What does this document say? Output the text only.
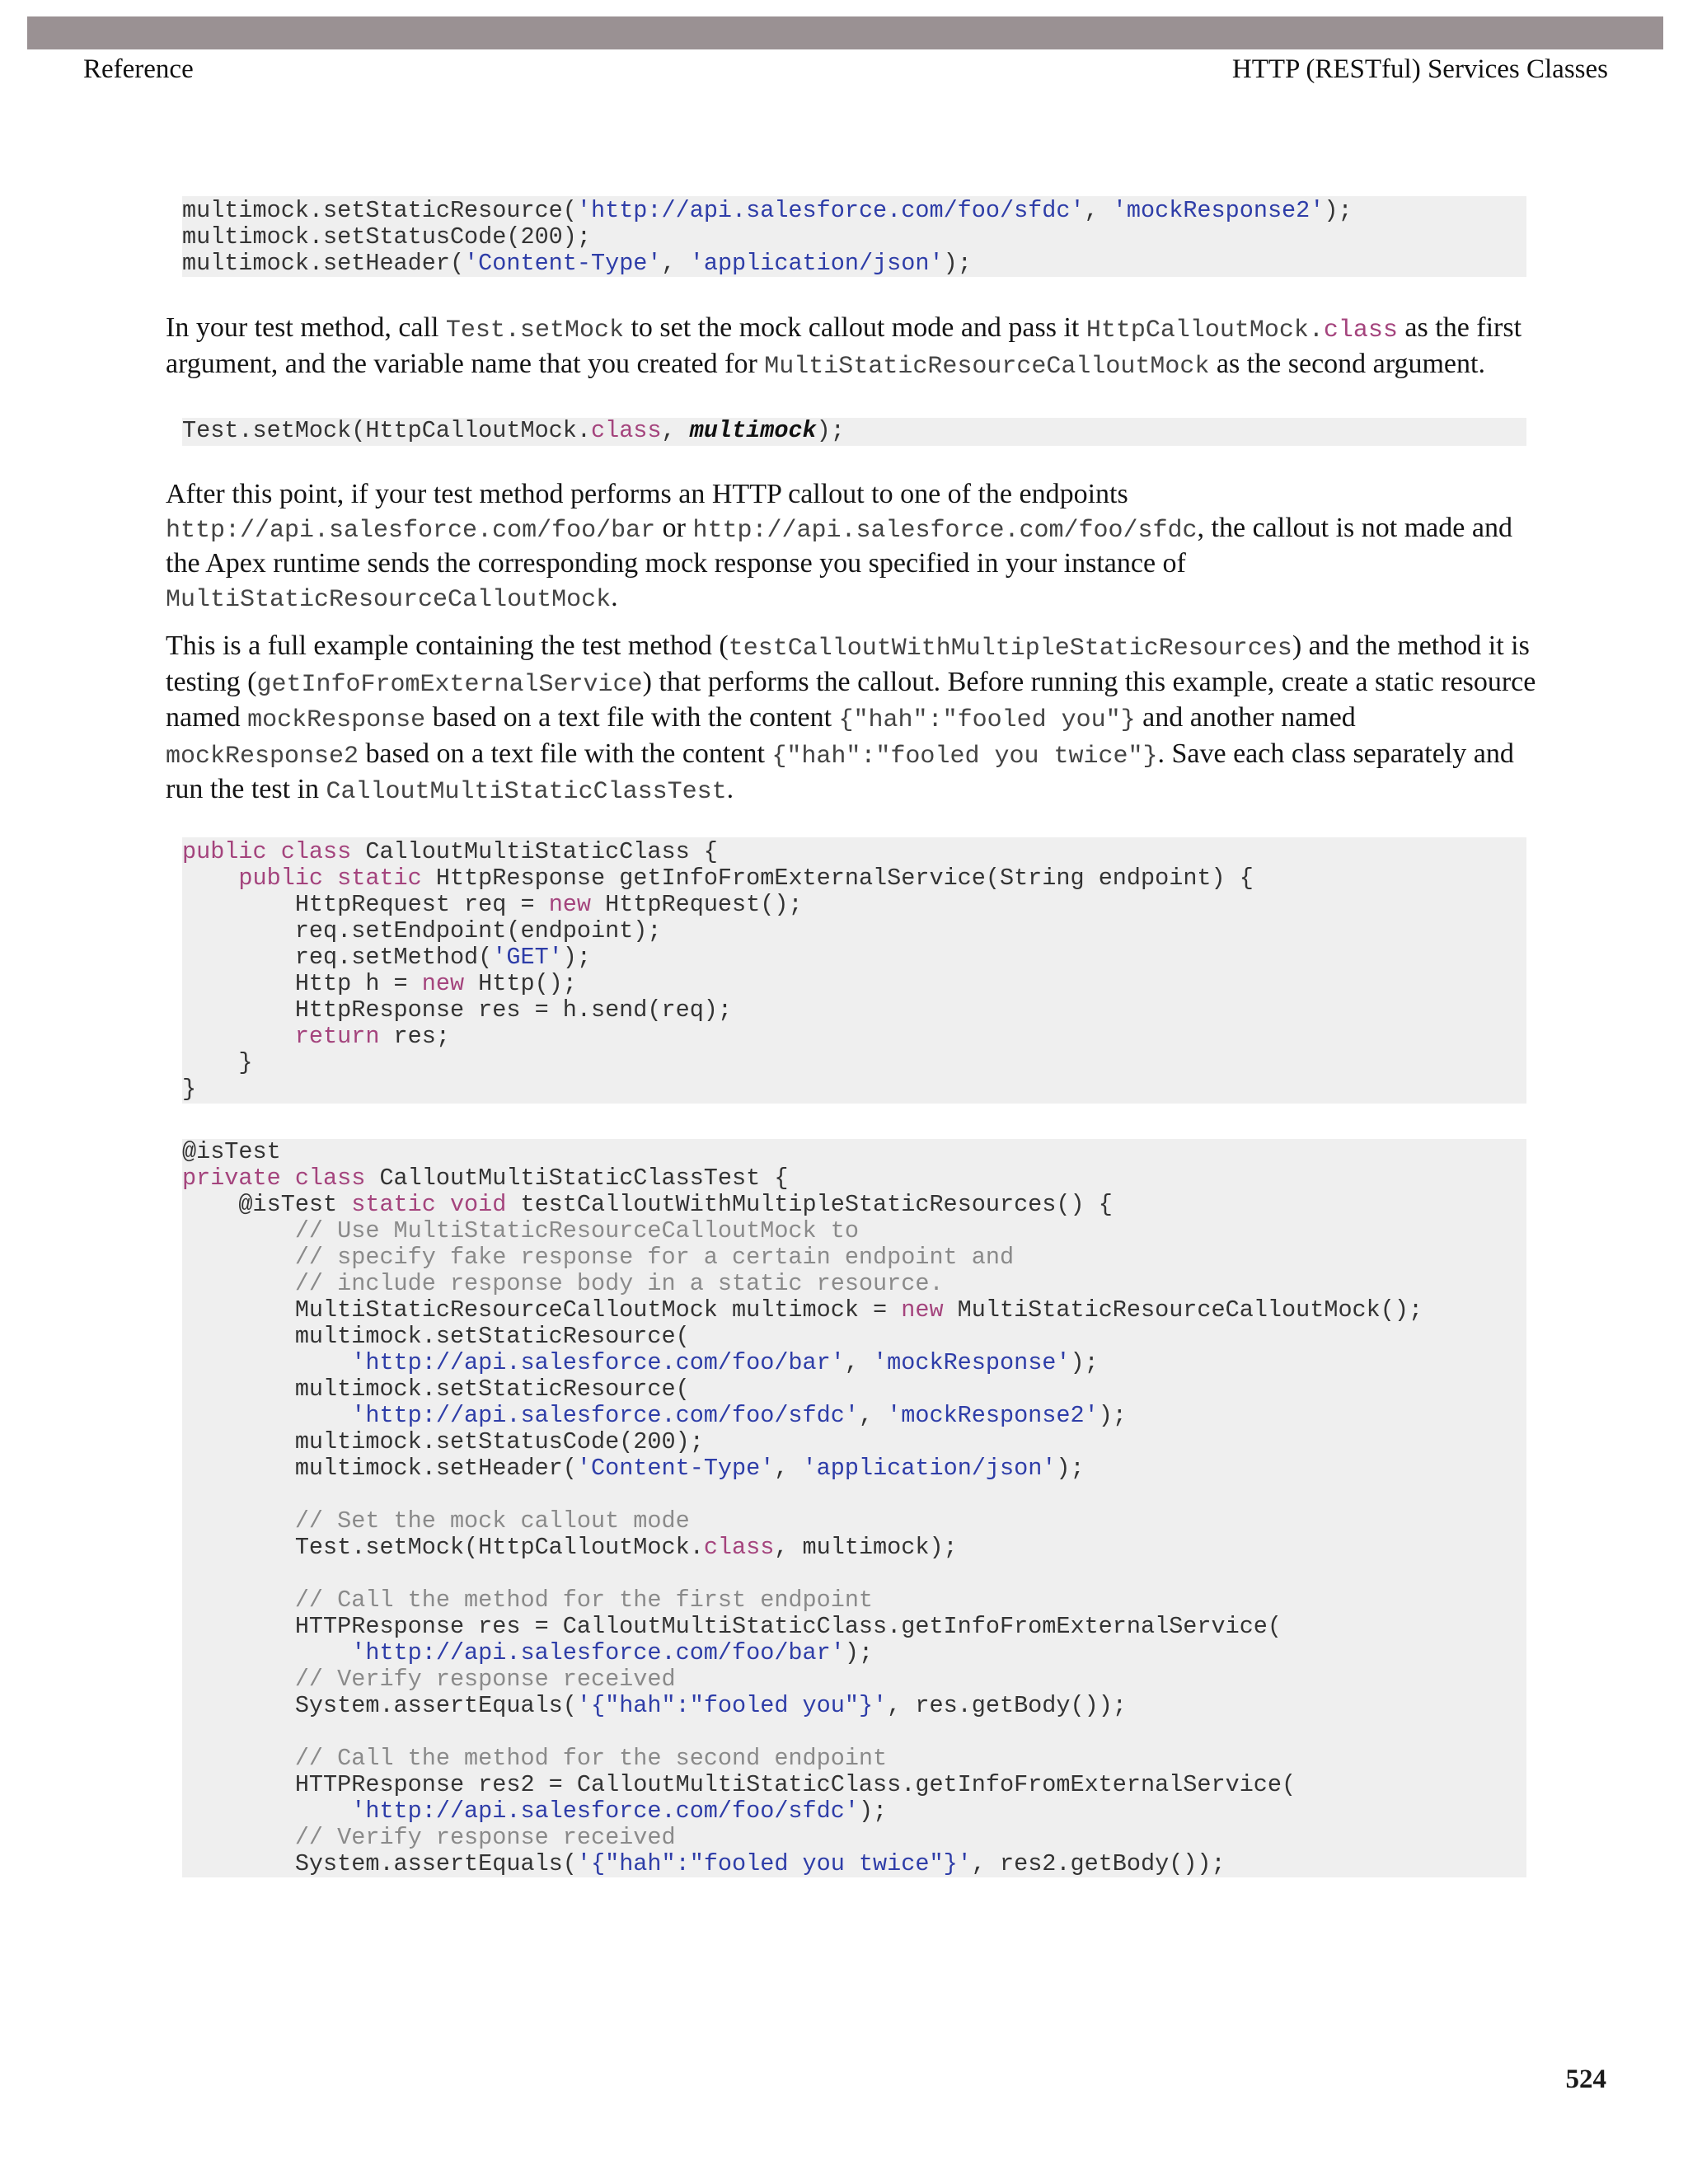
Reference	HTTP (RESTful) Services Classes
multimock.setStaticResource('http://api.salesforce.com/foo/sfdc', 'mockResponse2');
multimock.setStatusCode(200);
multimock.setHeader('Content-Type', 'application/json');
In your test method, call Test.setMock to set the mock callout mode and pass it HttpCalloutMock.class as the first argument, and the variable name that you created for MultiStaticResourceCalloutMock as the second argument.
Test.setMock(HttpCalloutMock.class, multimock);
After this point, if your test method performs an HTTP callout to one of the endpoints http://api.salesforce.com/foo/bar or http://api.salesforce.com/foo/sfdc, the callout is not made and the Apex runtime sends the corresponding mock response you specified in your instance of MultiStaticResourceCalloutMock.
This is a full example containing the test method (testCalloutWithMultipleStaticResources) and the method it is testing (getInfoFromExternalService) that performs the callout. Before running this example, create a static resource named mockResponse based on a text file with the content {"hah":"fooled you"} and another named mockResponse2 based on a text file with the content {"hah":"fooled you twice"}. Save each class separately and run the test in CalloutMultiStaticClassTest.
public class CalloutMultiStaticClass {
public static HttpResponse getInfoFromExternalService(String endpoint) {
HttpRequest req = new HttpRequest();
req.setEndpoint(endpoint);
req.setMethod('GET');
Http h = new Http();
HttpResponse res = h.send(req);
return res;
}
}
@isTest
private class CalloutMultiStaticClassTest {
@isTest static void testCalloutWithMultipleStaticResources() {
// Use MultiStaticResourceCalloutMock to
// specify fake response for a certain endpoint and
// include response body in a static resource.
MultiStaticResourceCalloutMock multimock = new MultiStaticResourceCalloutMock();
multimock.setStaticResource(
'http://api.salesforce.com/foo/bar', 'mockResponse');
multimock.setStaticResource(
'http://api.salesforce.com/foo/sfdc', 'mockResponse2');
multimock.setStatusCode(200);
multimock.setHeader('Content-Type', 'application/json');
// Set the mock callout mode
Test.setMock(HttpCalloutMock.class, multimock);
// Call the method for the first endpoint
HTTPResponse res = CalloutMultiStaticClass.getInfoFromExternalService(
'http://api.salesforce.com/foo/bar');
// Verify response received
System.assertEquals('{"hah":"fooled you"}', res.getBody());
// Call the method for the second endpoint
HTTPResponse res2 = CalloutMultiStaticClass.getInfoFromExternalService(
'http://api.salesforce.com/foo/sfdc');
// Verify response received
System.assertEquals('{"hah":"fooled you twice"}', res2.getBody());
524
